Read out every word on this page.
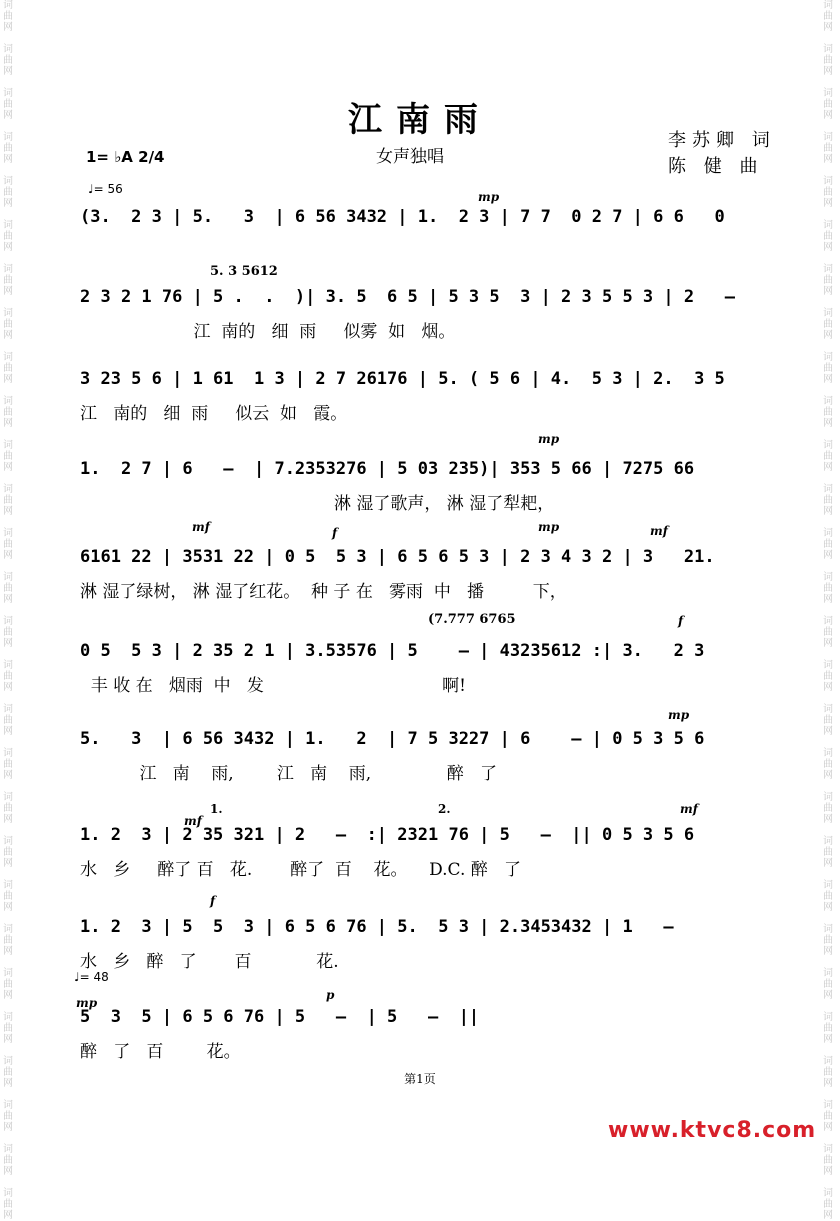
词
曲
网

词
曲
网

词
曲
网

词
曲
网

词
曲
网

词
曲
网

词
曲
网

词
曲
网

词
曲
网

词
曲
网

词
曲
网

词
曲
网

词
曲
网

词
曲
网

词
曲
网

词
曲
网

词
曲
网

词
曲
网

词
曲
网

词
曲
网

词
曲
网

词
曲
网

词
曲
网

词
曲
网

词
曲
网

词
曲
网

词
曲
网

词
曲
网
词
曲
网

词
曲
网

词
曲
网

词
曲
网

词
曲
网

词
曲
网

词
曲
网

词
曲
网

词
曲
网

词
曲
网

词
曲
网

词
曲
网

词
曲
网

词
曲
网

词
曲
网

词
曲
网

词
曲
网

词
曲
网

词
曲
网

词
曲
网

词
曲
网

词
曲
网

词
曲
网

词
曲
网

词
曲
网

词
曲
网

词
曲
网

词
曲
网
江南雨
女声独唱
李苏卿 词
陈 健 曲
1= ♭A 2/4
♩= 56
(3.  2 3 | 5.   3  | 6 56 3432 | 1.  2 3 | 7 7  0 2 7 | 6 6   0
mp
2 3 2 1 76 | 5 .  .  )| 3. 5  6 5 | 5 3 5  3 | 2 3 5 5 3 | 2   –
江  南的   细  雨     似雾  如   烟。
5. 3 5612
3 23 5 6 | 1 61  1 3 | 2 7 26176 | 5. ( 5 6 | 4.  5 3 | 2.  3 5
江   南的   细  雨     似云  如   霞。
1.  2 7 | 6   –  | 7.2353276 | 5 03 235)| 353 5 66 | 7275 66
淋 湿了歌声， 淋 湿了犁耙，
mp
6161 22 | 3531 22 | 0 5  5 3 | 6 5 6 5 3 | 2 3 4 3 2 | 3   21.
淋 湿了绿树， 淋 湿了红花。  种 子 在   雾雨  中   播         下，
mf	f	mp	mf
0 5  5 3 | 2 35 2 1 | 3.53576 | 5    – | 43235612 :| 3.   2 3
丰 收 在   烟雨  中   发                                 啊!
(7.777 6765	f
5.   3  | 6 56 3432 | 1.   2  | 7 5 3227 | 6    – | 0 5 3 5 6
江   南    雨,        江   南    雨,              醉   了
mp
1. 2  3 | 2 35 321 | 2   –  :| 2321 76 | 5   –  || 0 5 3 5 6
水   乡     醉了 百   花.       醉了  百    花。    D.C. 醉   了
mf
1.	2.	mf
1. 2  3 | 5  5  3 | 6 5 6 76 | 5.  5 3 | 2.3453432 | 1   –
水   乡   醉   了       百            花.
f
♩= 48
5  3  5 | 6 5 6 76 | 5   –  | 5   –  ||
醉   了   百        花。
mp
p
第1页
www.ktvc8.com
